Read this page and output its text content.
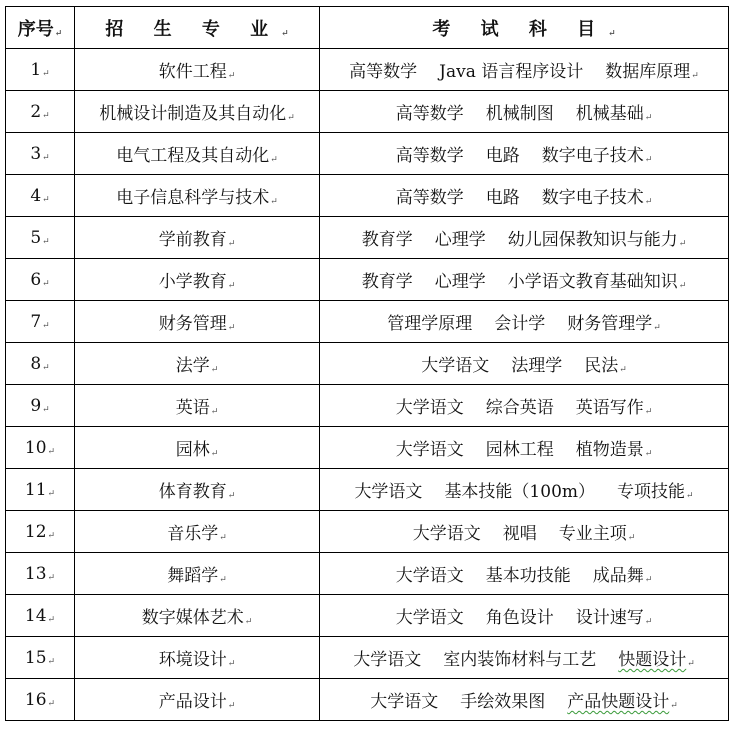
序号↵	招 生 专 业↵	考 试 科 目↵
1↵	软件工程↵	高等数学 Java 语言程序设计 数据库原理↵
2↵	机械设计制造及其自动化↵	高等数学 机械制图 机械基础↵
3↵	电气工程及其自动化↵	高等数学 电路 数字电子技术↵
4↵	电子信息科学与技术↵	高等数学 电路 数字电子技术↵
5↵	学前教育↵	教育学 心理学 幼儿园保教知识与能力↵
6↵	小学教育↵	教育学 心理学 小学语文教育基础知识↵
7↵	财务管理↵	管理学原理 会计学 财务管理学↵
8↵	法学↵	大学语文 法理学 民法↵
9↵	英语↵	大学语文 综合英语 英语写作↵
10↵	园林↵	大学语文 园林工程 植物造景↵
11↵	体育教育↵	大学语文 基本技能（100m） 专项技能↵
12↵	音乐学↵	大学语文 视唱 专业主项↵
13↵	舞蹈学↵	大学语文 基本功技能 成品舞↵
14↵	数字媒体艺术↵	大学语文 角色设计 设计速写↵
15↵	环境设计↵	大学语文 室内装饰材料与工艺 快题设计↵
16↵	产品设计↵	大学语文 手绘效果图 产品快题设计↵
